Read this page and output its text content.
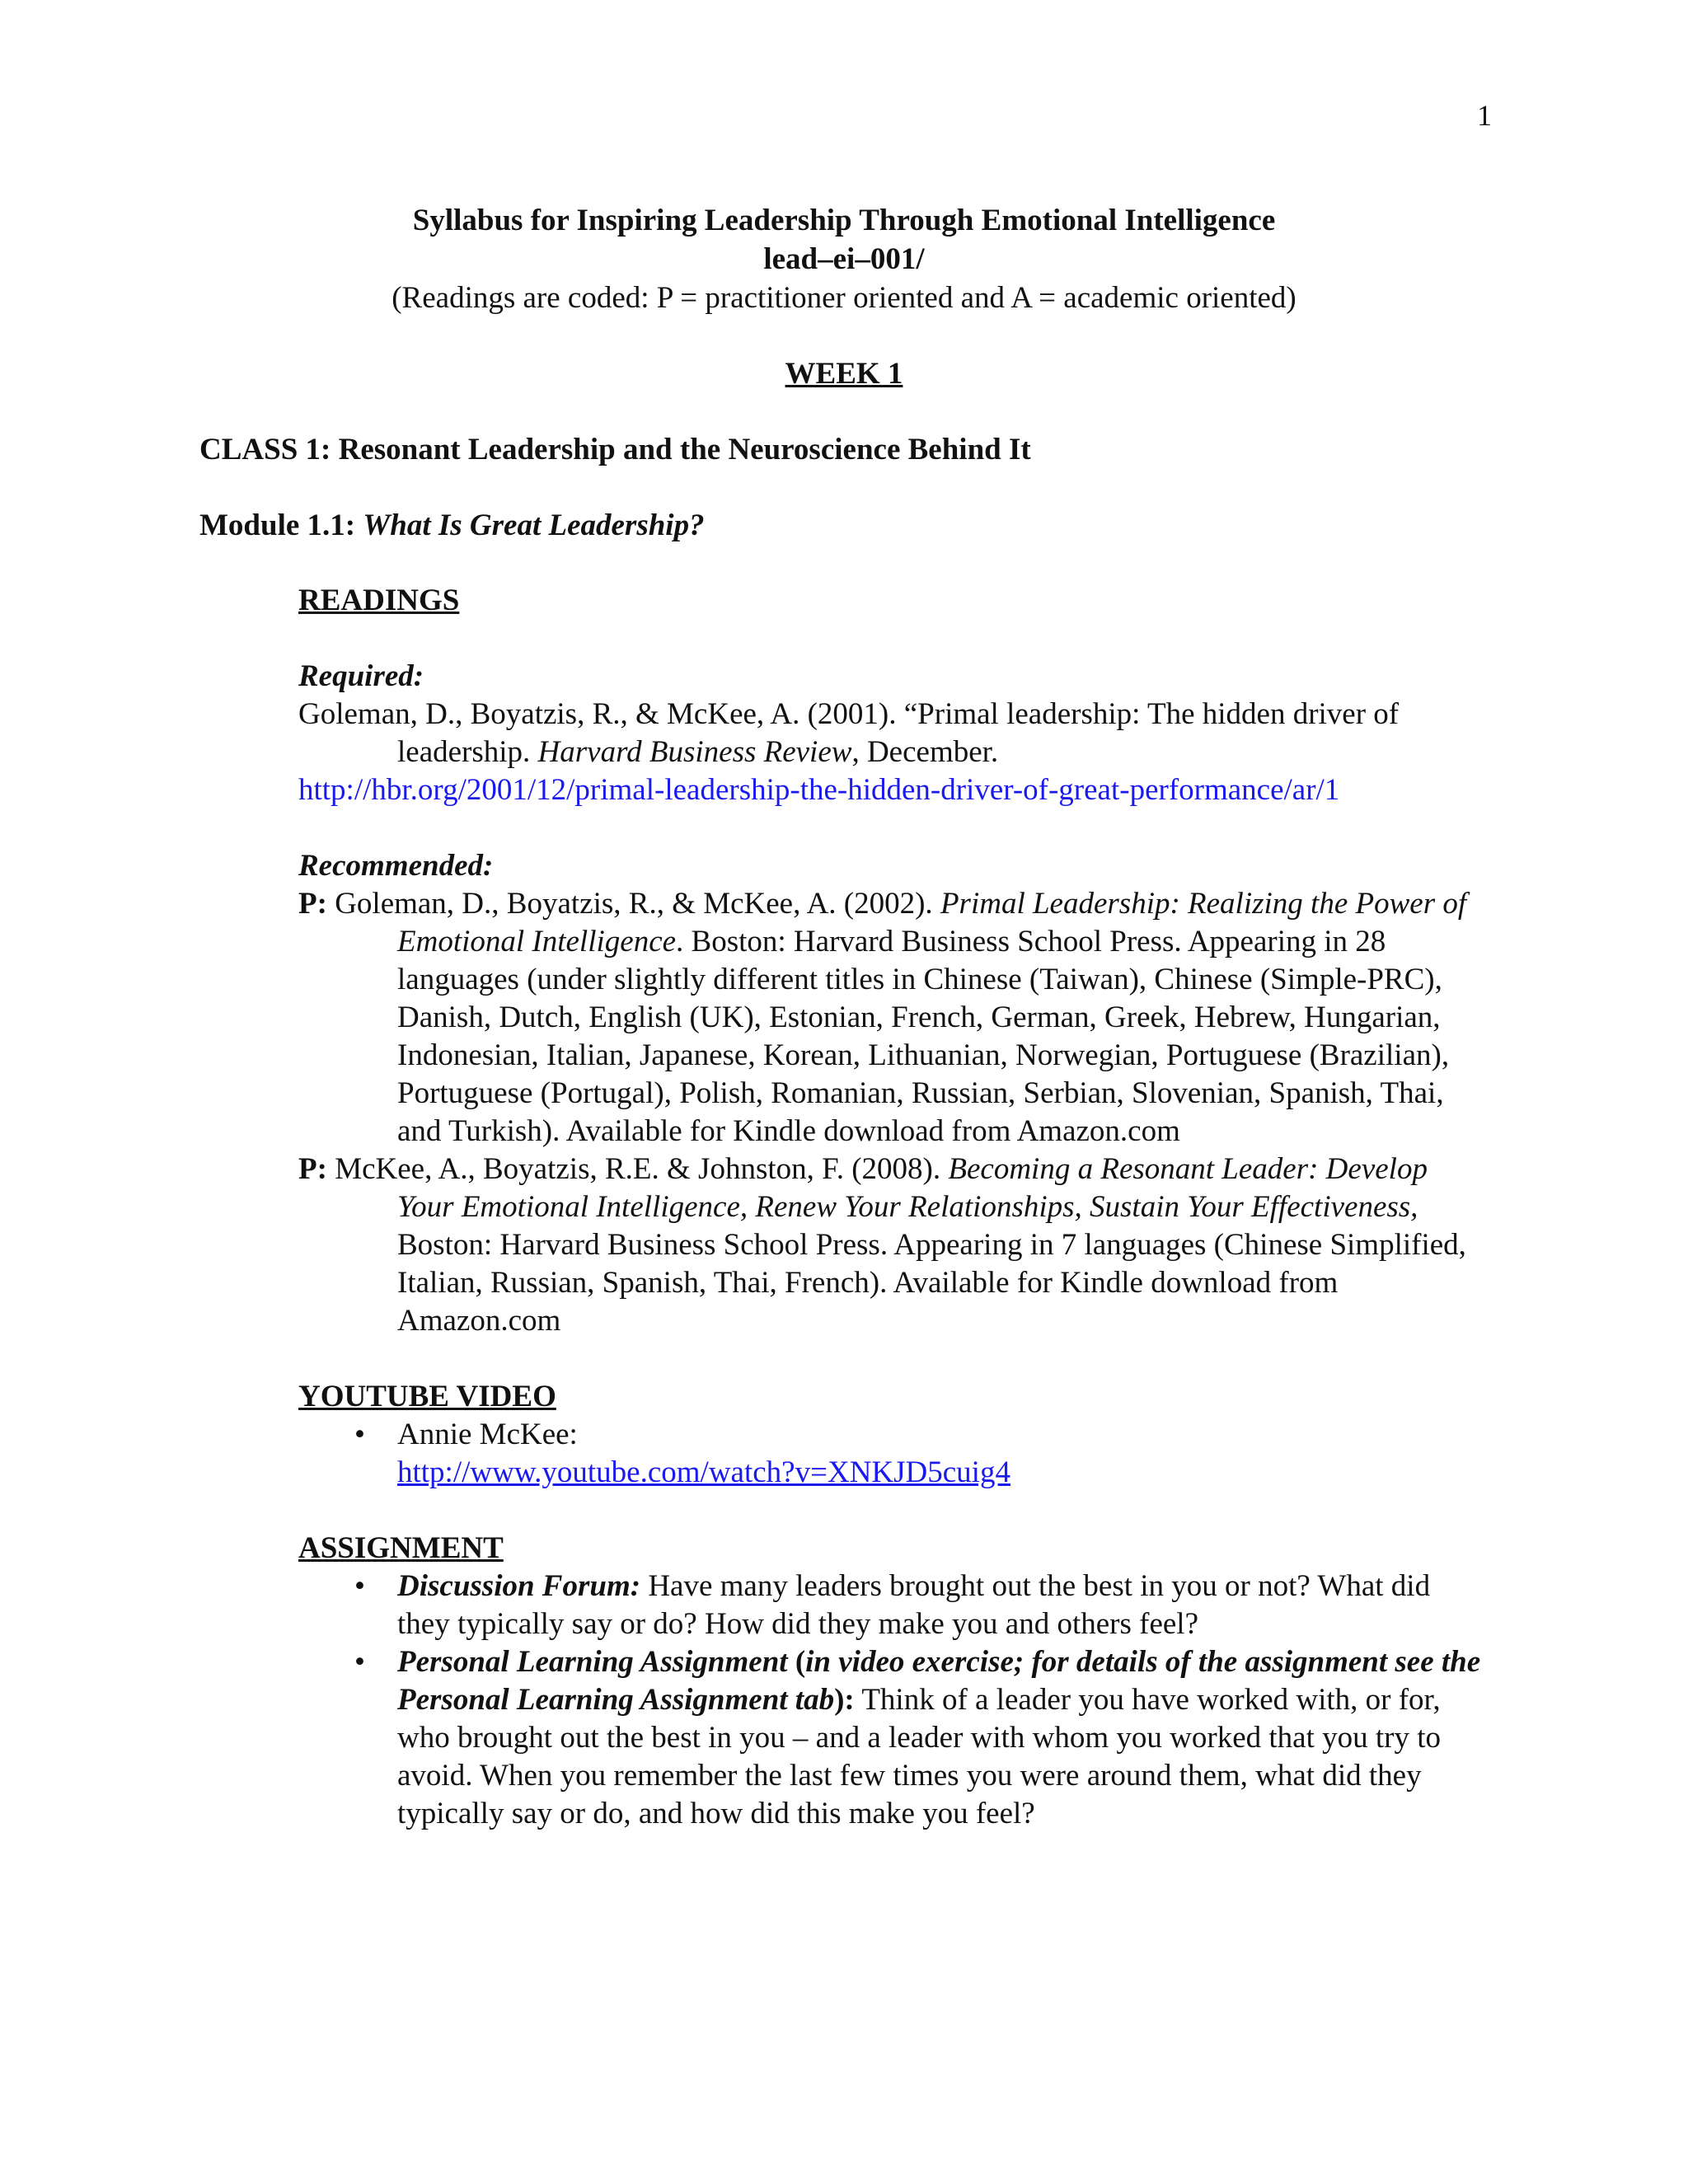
1
Syllabus for Inspiring Leadership Through Emotional Intelligence
lead–ei–001/
(Readings are coded: P = practitioner oriented and A = academic oriented)
WEEK 1
CLASS 1: Resonant Leadership and the Neuroscience Behind It
Module 1.1: What Is Great Leadership?
READINGS
Required:
Goleman, D., Boyatzis, R., & McKee, A. (2001). “Primal leadership: The hidden driver of leadership. Harvard Business Review, December.
http://hbr.org/2001/12/primal-leadership-the-hidden-driver-of-great-performance/ar/1
Recommended:
P: Goleman, D., Boyatzis, R., & McKee, A. (2002). Primal Leadership: Realizing the Power of Emotional Intelligence. Boston: Harvard Business School Press. Appearing in 28 languages (under slightly different titles in Chinese (Taiwan), Chinese (Simple-PRC), Danish, Dutch, English (UK), Estonian, French, German, Greek, Hebrew, Hungarian, Indonesian, Italian, Japanese, Korean, Lithuanian, Norwegian, Portuguese (Brazilian), Portuguese (Portugal), Polish, Romanian, Russian, Serbian, Slovenian, Spanish, Thai, and Turkish). Available for Kindle download from Amazon.com
P: McKee, A., Boyatzis, R.E. & Johnston, F. (2008). Becoming a Resonant Leader: Develop Your Emotional Intelligence, Renew Your Relationships, Sustain Your Effectiveness, Boston: Harvard Business School Press. Appearing in 7 languages (Chinese Simplified, Italian, Russian, Spanish, Thai, French). Available for Kindle download from Amazon.com
YOUTUBE VIDEO
• Annie McKee:
http://www.youtube.com/watch?v=XNKJD5cuig4
ASSIGNMENT
• Discussion Forum: Have many leaders brought out the best in you or not? What did they typically say or do? How did they make you and others feel?
• Personal Learning Assignment (in video exercise; for details of the assignment see the Personal Learning Assignment tab): Think of a leader you have worked with, or for, who brought out the best in you – and a leader with whom you worked that you try to avoid. When you remember the last few times you were around them, what did they typically say or do, and how did this make you feel?
